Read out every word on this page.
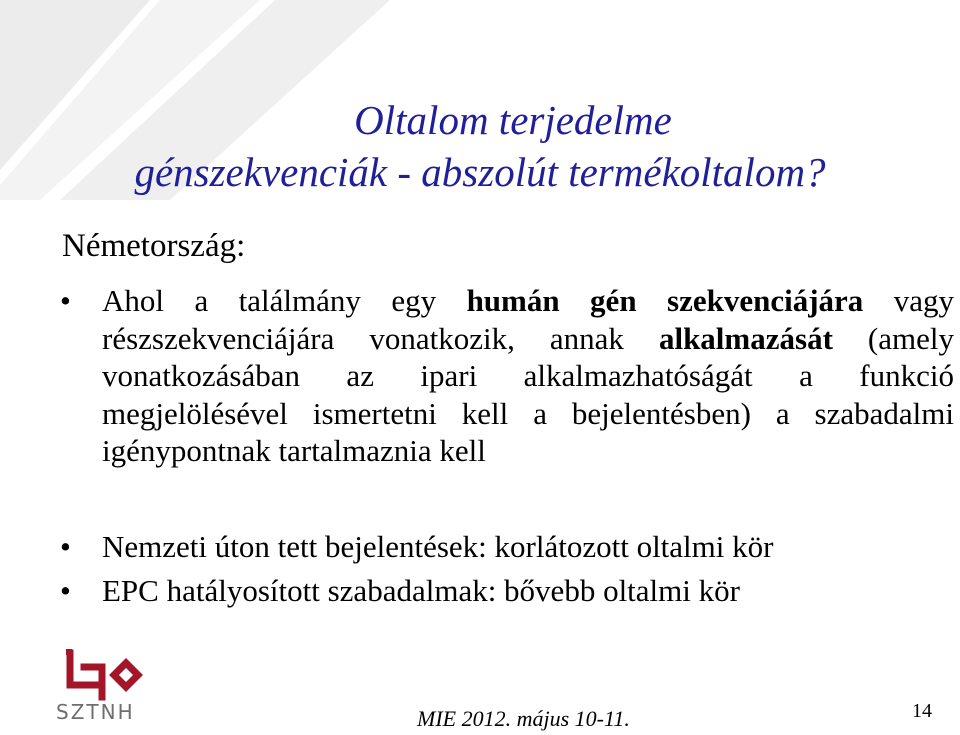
Oltalom terjedelme
génszekvenciák - abszolút termékoltalom?
Németország:
• Ahol a találmány egy humán gén szekvenciájára vagy részszekvenciájára vonatkozik, annak alkalmazását (amely vonatkozásában az ipari alkalmazhatóságát a funkció megjelölésével ismertetni kell a bejelentésben) a szabadalmi igénypontnak tartalmaznia kell
• Nemzeti úton tett bejelentések: korlátozott oltalmi kör
• EPC hatályosított szabadalmak: bővebb oltalmi kör
SZTNH	MIE 2012. május 10-11.	14
